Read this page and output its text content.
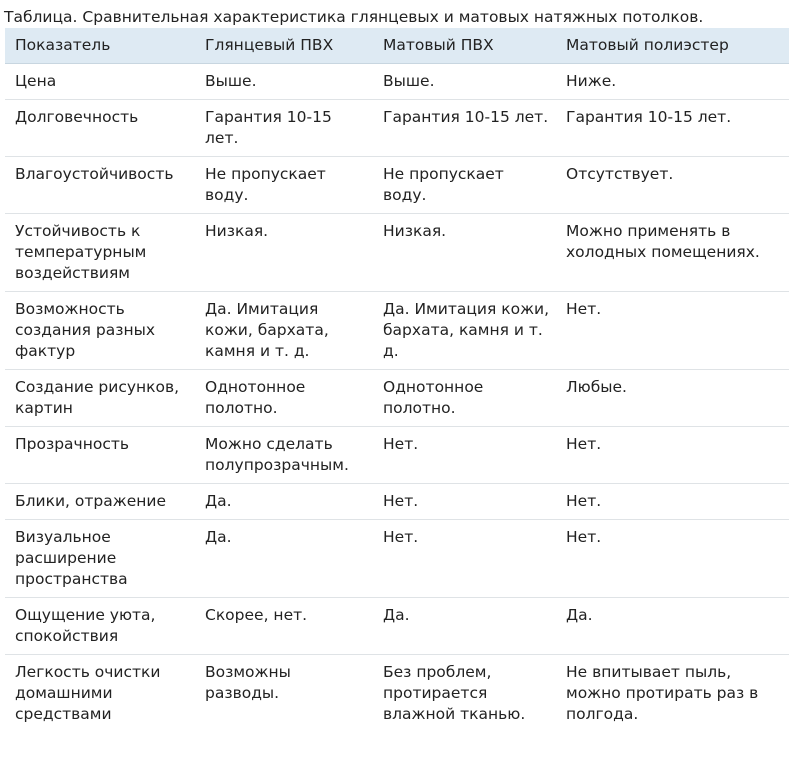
Таблица. Сравнительная характеристика глянцевых и матовых натяжных потолков.
Показатель	Глянцевый ПВХ	Матовый ПВХ	Матовый полиэстер
Цена	Выше.	Выше.	Ниже.
Долговечность	Гарантия 10-15 лет.	Гарантия 10-15 лет.	Гарантия 10-15 лет.
Влагоустойчивость	Не пропускает воду.	Не пропускает воду.	Отсутствует.
Устойчивость к температурным воздействиям	Низкая.	Низкая.	Можно применять в холодных помещениях.
Возможность создания разных фактур	Да. Имитация кожи, бархата, камня и т. д.	Да. Имитация кожи, бархата, камня и т. д.	Нет.
Создание рисунков, картин	Однотонное полотно.	Однотонное полотно.	Любые.
Прозрачность	Можно сделать полупрозрачным.	Нет.	Нет.
Блики, отражение	Да.	Нет.	Нет.
Визуальное расширение пространства	Да.	Нет.	Нет.
Ощущение уюта, спокойствия	Скорее, нет.	Да.	Да.
Легкость очистки домашними средствами	Возможны разводы.	Без проблем, протирается влажной тканью.	Не впитывает пыль, можно протирать раз в полгода.
